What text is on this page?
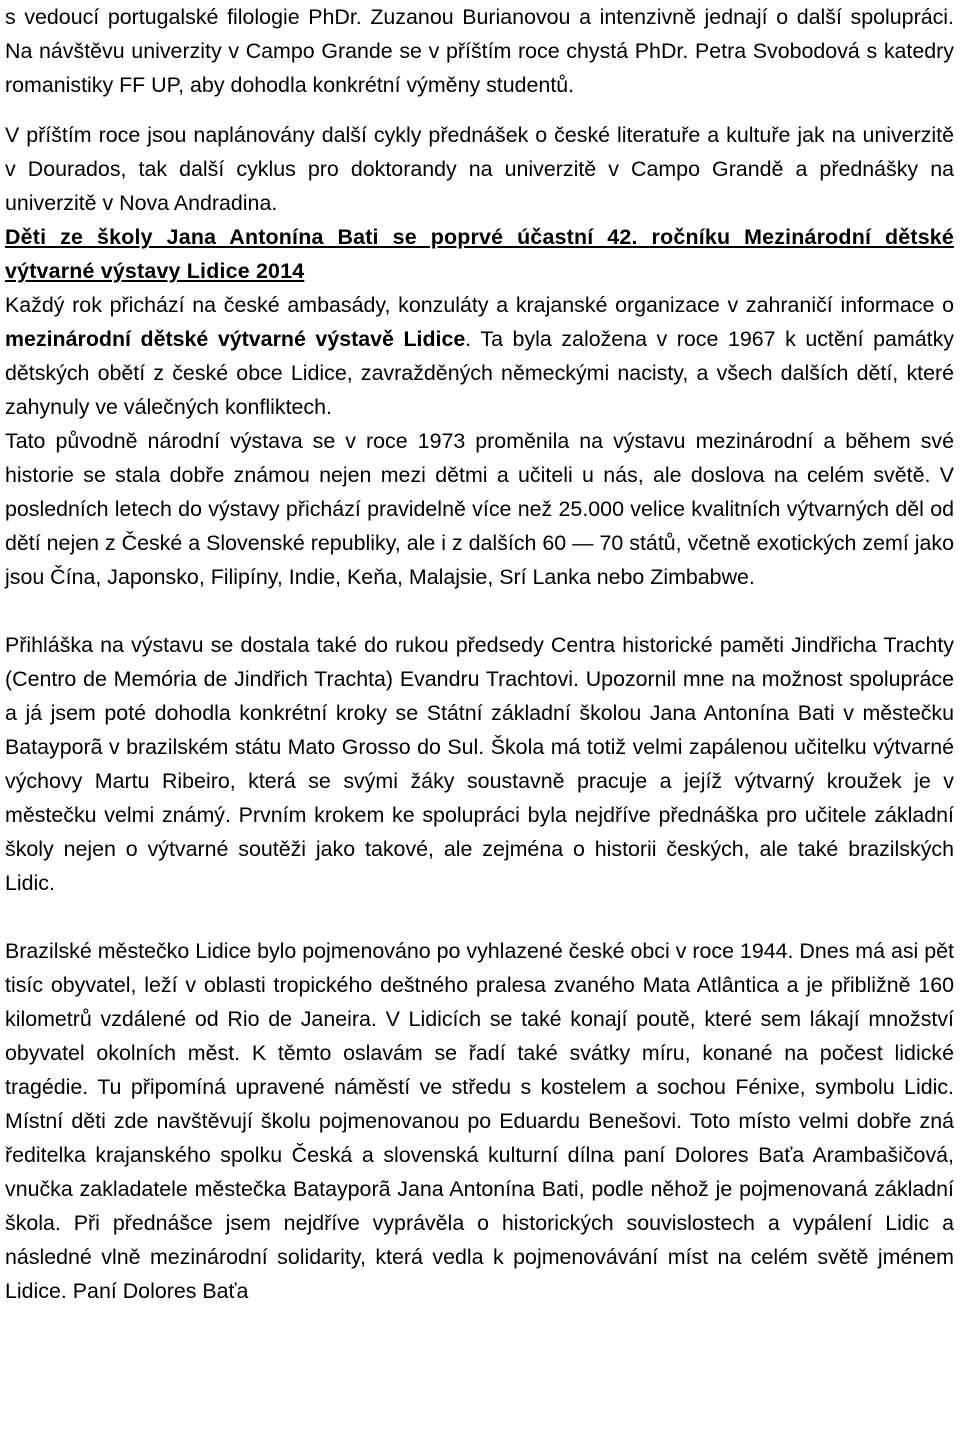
s vedoucí portugalské filologie PhDr. Zuzanou Burianovou a intenzivně jednají o další spolupráci. Na návštěvu univerzity v Campo Grande se v příštím roce chystá PhDr. Petra Svobodová s katedry romanistiky FF UP, aby dohodla konkrétní výměny studentů.

V příštím roce jsou naplánovány další cykly přednášek o české literatuře a kultuře jak na univerzitě v Dourados, tak další cyklus pro doktorandy na univerzitě v Campo Grandě a přednášky na univerzitě v Nova Andradina.

Děti ze školy Jana Antonína Bati se poprvé účastní 42. ročníku Mezinárodní dětské výtvarné výstavy Lidice 2014

Každý rok přichází na české ambasády, konzuláty a krajanské organizace v zahraničí informace o mezinárodní dětské výtvarné výstavě Lidice. Ta byla založena v roce 1967 k uctění památky dětských obětí z české obce Lidice, zavražděných německými nacisty, a všech dalších dětí, které zahynuly ve válečných konfliktech.

Tato původně národní výstava se v roce 1973 proměnila na výstavu mezinárodní a během své historie se stala dobře známou nejen mezi dětmi a učiteli u nás, ale doslova na celém světě. V posledních letech do výstavy přichází pravidelně více než 25.000 velice kvalitních výtvarných děl od dětí nejen z České a Slovenské republiky, ale i z dalších 60 — 70 států, včetně exotických zemí jako jsou Čína, Japonsko, Filipíny, Indie, Keňa, Malajsie, Srí Lanka nebo Zimbabwe.

Přihláška na výstavu se dostala také do rukou předsedy Centra historické paměti Jindřicha Trachty (Centro de Memória de Jindřich Trachta) Evandru Trachtovi. Upozornil mne na možnost spolupráce a já jsem poté dohodla konkrétní kroky se Státní základní školou Jana Antonína Bati v městečku Batayporã v brazilském státu Mato Grosso do Sul. Škola má totiž velmi zapálenou učitelku výtvarné výchovy Martu Ribeiro, která se svými žáky soustavně pracuje a jejíž výtvarný kroužek je v městečku velmi známý. Prvním krokem ke spolupráci byla nejdříve přednáška pro učitele základní školy nejen o výtvarné soutěži jako takové, ale zejména o historii českých, ale také brazilských Lidic.

Brazilské městečko Lidice bylo pojmenováno po vyhlazené české obci v roce 1944. Dnes má asi pět tisíc obyvatel, leží v oblasti tropického deštného pralesa zvaného Mata Atlântica a je přibližně 160 kilometrů vzdálené od Rio de Janeira. V Lidicích se také konají poutě, které sem lákají množství obyvatel okolních měst. K těmto oslavám se řadí také svátky míru, konané na počest lidické tragédie. Tu připomíná upravené náměstí ve středu s kostelem a sochou Fénixe, symbolu Lidic. Místní děti zde navštěvují školu pojmenovanou po Eduardu Benešovi. Toto místo velmi dobře zná ředitelka krajanského spolku Česká a slovenská kulturní dílna paní Dolores Baťa Arambašičová, vnučka zakladatele městečka Batayporã Jana Antonína Bati, podle něhož je pojmenovaná základní škola. Při přednášce jsem nejdříve vyprávěla o historických souvislostech a vypálení Lidic a následné vlně mezinárodní solidarity, která vedla k pojmenovávání míst na celém světě jménem Lidice. Paní Dolores Baťa
